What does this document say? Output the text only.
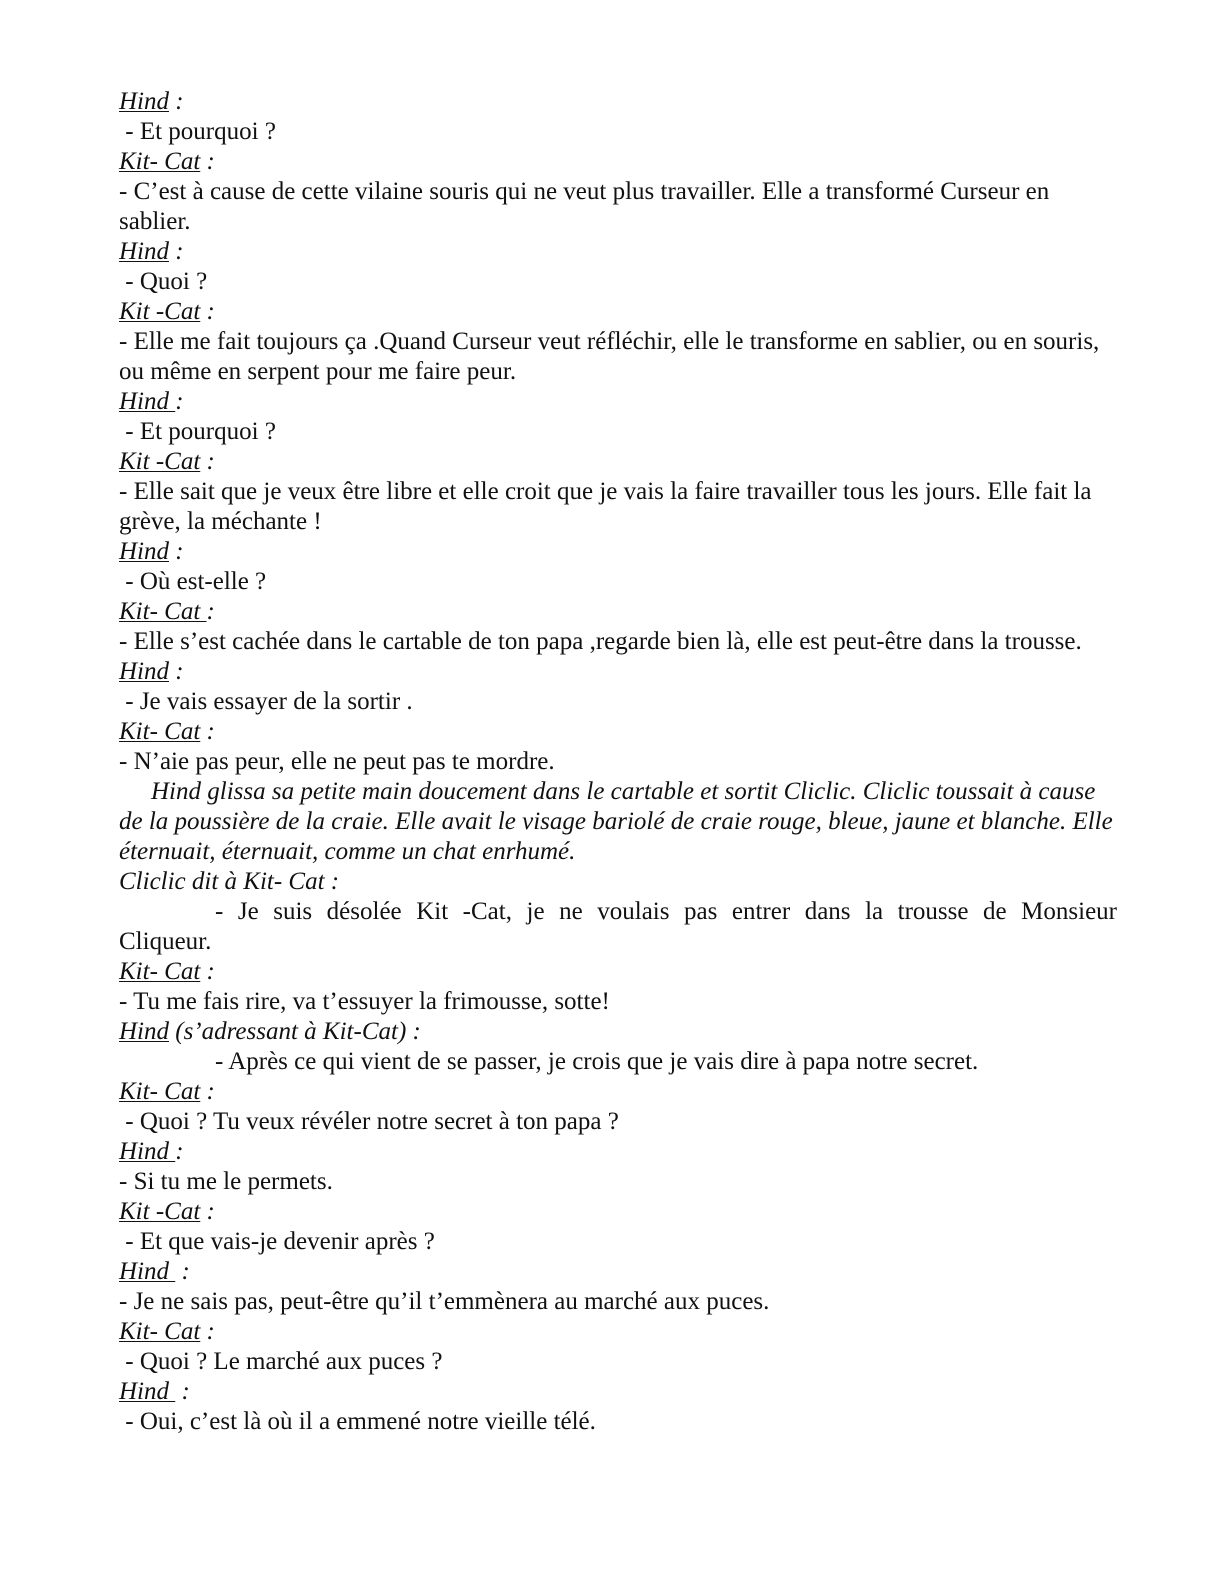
Hind :
- Et pourquoi ?
Kit- Cat :
- C’est à cause de cette vilaine souris qui ne veut plus travailler. Elle a transformé Curseur en sablier.
Hind :
- Quoi ?
Kit -Cat :
- Elle me fait toujours ça .Quand Curseur veut réfléchir, elle le transforme en sablier, ou en souris, ou même en serpent pour me faire peur.
Hind :
- Et pourquoi ?
Kit -Cat :
- Elle sait que je veux être libre et elle croit que je vais la faire travailler tous les jours. Elle fait la grève, la méchante !
Hind :
- Où est-elle ?
Kit- Cat :
- Elle s’est cachée dans le cartable de ton papa ,regarde bien là, elle est peut-être dans la trousse.
Hind :
- Je vais essayer de la sortir .
Kit- Cat :
- N’aie pas peur, elle ne peut pas te mordre.
Hind glissa sa petite main doucement dans le cartable et sortit Cliclic. Cliclic toussait à cause de la poussière de la craie. Elle avait le visage bariolé de craie rouge, bleue, jaune et blanche. Elle éternuait, éternuait, comme un chat enrhumé.
Cliclic dit à Kit- Cat :
- Je suis désolée Kit -Cat, je ne voulais pas entrer dans la trousse de Monsieur
Cliqueur.
Kit- Cat :
- Tu me fais rire, va t’essuyer la frimousse, sotte!
Hind (s’adressant à Kit-Cat) :
- Après ce qui vient de se passer, je crois que je vais dire à papa notre secret.
Kit- Cat :
- Quoi ? Tu veux révéler notre secret à ton papa ?
Hind :
- Si tu me le permets.
Kit -Cat :
- Et que vais-je devenir après ?
Hind  :
- Je ne sais pas, peut-être qu’il t’emmènera au marché aux puces.
Kit- Cat :
- Quoi ? Le marché aux puces ?
Hind  :
- Oui, c’est là où il a emmené notre vieille télé.
